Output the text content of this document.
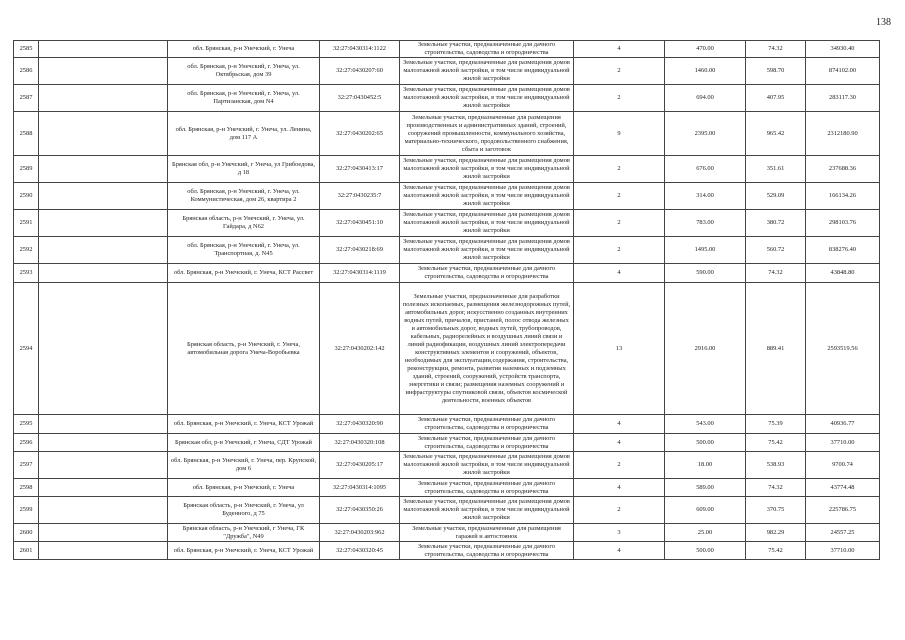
138
2585		обл. Брянская, р-н Унечский, г. Унеча	32:27:0430314:1122	Земельные участки, предназначенные для дачного строительства, садоводства и огородничества	4	470.00	74.32	34930.40
2586		обл. Брянская, р-н Унечский, г. Унеча, ул. Октябрьская, дом 39	32:27:0430207:60	Земельные участки, предназначенные для размещения домов малоэтажной жилой застройки, в том числе индивидуальной жилой застройки	2	1460.00	598.70	874102.00
2587		обл. Брянская, р-н Унечский, г. Унеча, ул. Партизанская, дом N4	32:27:0430452:5	Земельные участки, предназначенные для размещения домов малоэтажной жилой застройки, в том числе индивидуальной жилой застройки	2	694.00	407.95	283117.30
2588		обл. Брянская, р-н Унечский, г. Унеча, ул. Ленина, дом 117 А	32:27:0430202:65	Земельные участки, предназначенные для размещения производственных и административных зданий, строений, сооружений промышленности, коммунального хозяйства, материально-технического, продовольственного снабжения, сбыта и заготовок	9	2395.00	965.42	2312180.90
2589		Брянская обл, р-н Унечский, г Унеча, ул Грибоедова, д 18	32:27:0430413:17	Земельные участки, предназначенные для размещения домов малоэтажной жилой застройки, в том числе индивидуальной жилой застройки	2	676.00	351.61	237688.36
2590		обл. Брянская, р-н Унечский, г. Унеча, ул. Коммунистическая, дом 26, квартира 2	32:27:0430235:7	Земельные участки, предназначенные для размещения домов малоэтажной жилой застройки, в том числе индивидуальной жилой застройки	2	314.00	529.09	166134.26
2591		Брянская область, р-н Унечский, г. Унеча, ул. Гайдара, д N62	32:27:0430451:10	Земельные участки, предназначенные для размещения домов малоэтажной жилой застройки, в том числе индивидуальной жилой застройки	2	783.00	380.72	298103.76
2592		обл. Брянская, р-н Унечский, г. Унеча, ул. Транспортная, д. N45	32:27:0430218:69	Земельные участки, предназначенные для размещения домов малоэтажной жилой застройки, в том числе индивидуальной жилой застройки	2	1495.00	560.72	838276.40
2593		обл. Брянская, р-н Унечский, г. Унеча, КСТ Рассвет	32:27:0430314:1119	Земельные участки, предназначенные для дачного строительства, садоводства и огородничества	4	590.00	74.32	43848.80
2594		Брянская область, р-н Унечский, г. Унеча, автомобильная дорога Унеча-Воробьевка	32:27:0430202:142	Земельные участки, предназначенные для разработки полезных ископаемых, размещения железнодорожных путей, автомобильных дорог, искусственно созданных внутренних водных путей, причалов, пристаней, полос отвода железных и автомобильных дорог, водных путей, трубопроводов, кабельных, радиорелейных и воздушных линий связи и линий радиофикации, воздушных линий электропередачи конструктивных элементов и сооружений, объектов, необходимых для эксплуатации,содержания, строительства, реконструкции, ремонта, развития наземных и подземных зданий, строений, сооружений, устройств транспорта, энергетики и связи; размещения наземных сооружений и инфраструктуры спутниковой связи, объектов космической деятельности, военных объектов	13	2916.00	889.41	2593519.56
2595		обл. Брянская, р-н Унечский, г. Унеча, КСТ Урожай	32:27:0430320:90	Земельные участки, предназначенные для дачного строительства, садоводства и огородничества	4	543.00	75.39	40936.77
2596		Брянская обл, р-н Унечский, г Унеча, СДТ Урожай	32:27:0430320:108	Земельные участки, предназначенные для дачного строительства, садоводства и огородничества	4	500.00	75.42	37710.00
2597		обл. Брянская, р-н Унечский, г. Унеча, пер. Крупской, дом 6	32:27:0430205:17	Земельные участки, предназначенные для размещения домов малоэтажной жилой застройки, в том числе индивидуальной жилой застройки	2	18.00	538.93	9700.74
2598		обл. Брянская, р-н Унечский, г. Унеча	32:27:0430314:1095	Земельные участки, предназначенные для дачного строительства, садоводства и огородничества	4	589.00	74.32	43774.48
2599		Брянская область, р-н Унечский, г. Унеча, ул Буденного, д 75	32:27:0430350:26	Земельные участки, предназначенные для размещения домов малоэтажной жилой застройки, в том числе индивидуальной жилой застройки	2	609.00	370.75	225786.75
2600		Брянская область, р-н Унечский, г Унеча, ГК "Дружба", N49	32:27:0430203:962	Земельные участки, предназначенные для размещения гаражей и автостоянок	3	25.00	982.29	24557.25
2601		обл. Брянская, р-н Унечский, г. Унеча, КСТ Урожай	32:27:0430320:45	Земельные участки, предназначенные для дачного строительства, садоводства и огородничества	4	500.00	75.42	37710.00
